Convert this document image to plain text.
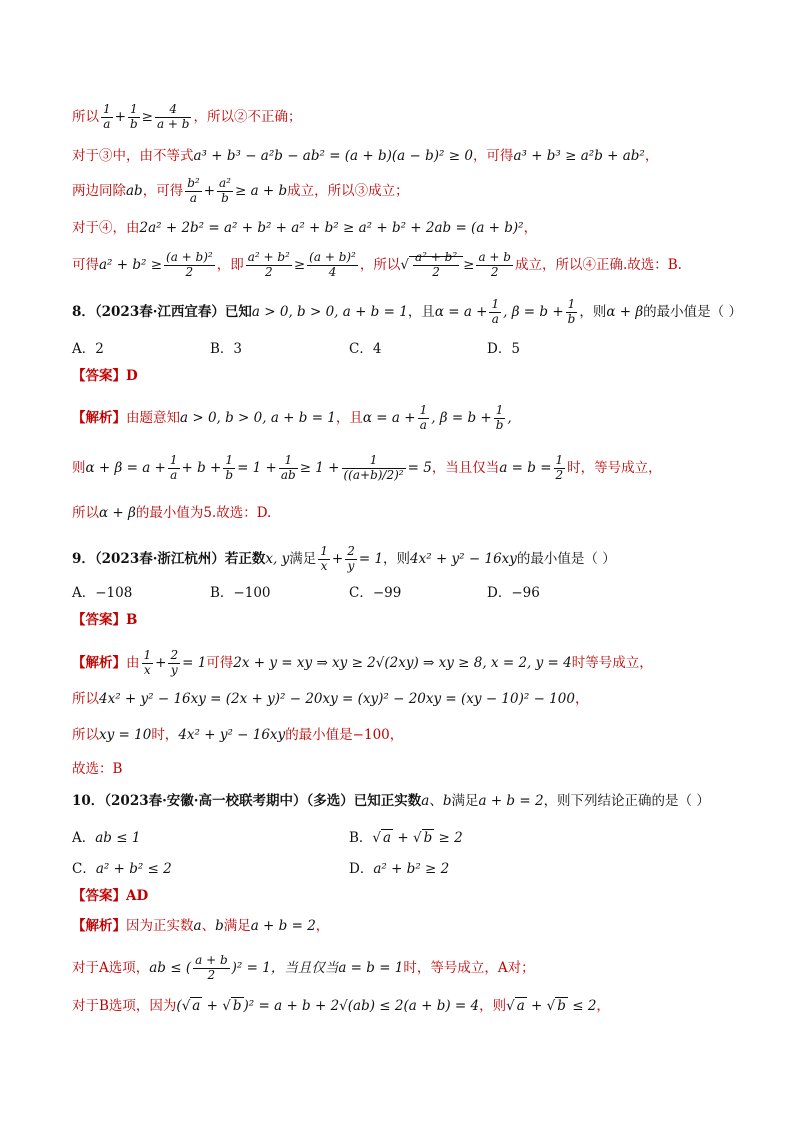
所以 $\frac{1}{a} + \frac{1}{b} \ge \frac{4}{a + b}$ ，所以②不正确；
对于③中，由不等式a³ + b³ − a²b − ab² = (a + b)(a − b)² ≥ 0，可得a³ + b³ ≥ a²b + ab²，
两边同除ab，可得 $\frac{\text{b²}}{a} + \frac{\text{a²}}{b} \ge a + b$成立，所以③成立；
对于④，由2a² + 2b² = a² + b² + a² + b² ≥ a² + b² + 2ab = (a + b)²，
可得$a^2 + b^2 \ge \frac{\text{(a + b)²}}{2}$ ，即 $\frac{\text{a² + b²}}{2} \ge \frac{\text{(a + b)²}}{4}$ ，所以√ $\frac{\text{a² + b²}}{2} \ge \frac{a + b}{2}$ 成立，所以④正确.故选：B.
8．（2023春·江西宜春）已知a > 0, b > 0, a + b = 1，且$\alpha = a + \frac{1}{a}$ , $\beta = b + \frac{1}{b}$ ，则α + β的最小值是（ ）
A．2	B．3	C．4	D．5
【答案】D
【解析】由题意知a > 0, b > 0, a + b = 1，且$\alpha = a + \frac{1}{a}$ , $\beta = b + \frac{1}{b}$ ,
则$\alpha + \beta = a + \frac{1}{a} + b + \frac{1}{b} = 1 + \frac{1}{ab} \ge 1 + \frac{1}{\text{((a+b)/2)²}} = 5$，当且仅当$a = b = \frac{1}{2}$ 时，等号成立，
所以α + β的最小值为5.故选：D.
9．（2023春·浙江杭州）若正数x, y满足 $\frac{1}{x} + \frac{2}{y} = 1$，则4x² + y² − 16xy的最小值是（ ）
A．−108	B．−100	C．−99	D．−96
【答案】B
【解析】由 $\frac{1}{x} + \frac{2}{y} = 1$可得2x + y = xy ⇒ xy ≥ 2√(2xy) ⇒ xy ≥ 8, x = 2, y = 4时等号成立，
所以4x² + y² − 16xy = (2x + y)² − 20xy = (xy)² − 20xy = (xy − 10)² − 100，
所以xy = 10时，4x² + y² − 16xy的最小值是−100，
故选：B
10．（2023春·安徽·高一校联考期中）（多选）已知正实数a、b满足a + b = 2，则下列结论正确的是（ ）
A．ab ≤ 1	B．√ a + √ b ≥ 2
C．a² + b² ≤ 2	D．a² + b² ≥ 2
【答案】AD
【解析】因为正实数a、b满足a + b = 2，
对于A选项，ab ≤ ( $\frac{a + b}{2} )^2 = 1$，当且仅当a = b = 1时，等号成立，A对；
对于B选项，因为(√ a + √ b )² = a + b + 2√(ab) ≤ 2(a + b) = 4，则√ a + √ b ≤ 2，
